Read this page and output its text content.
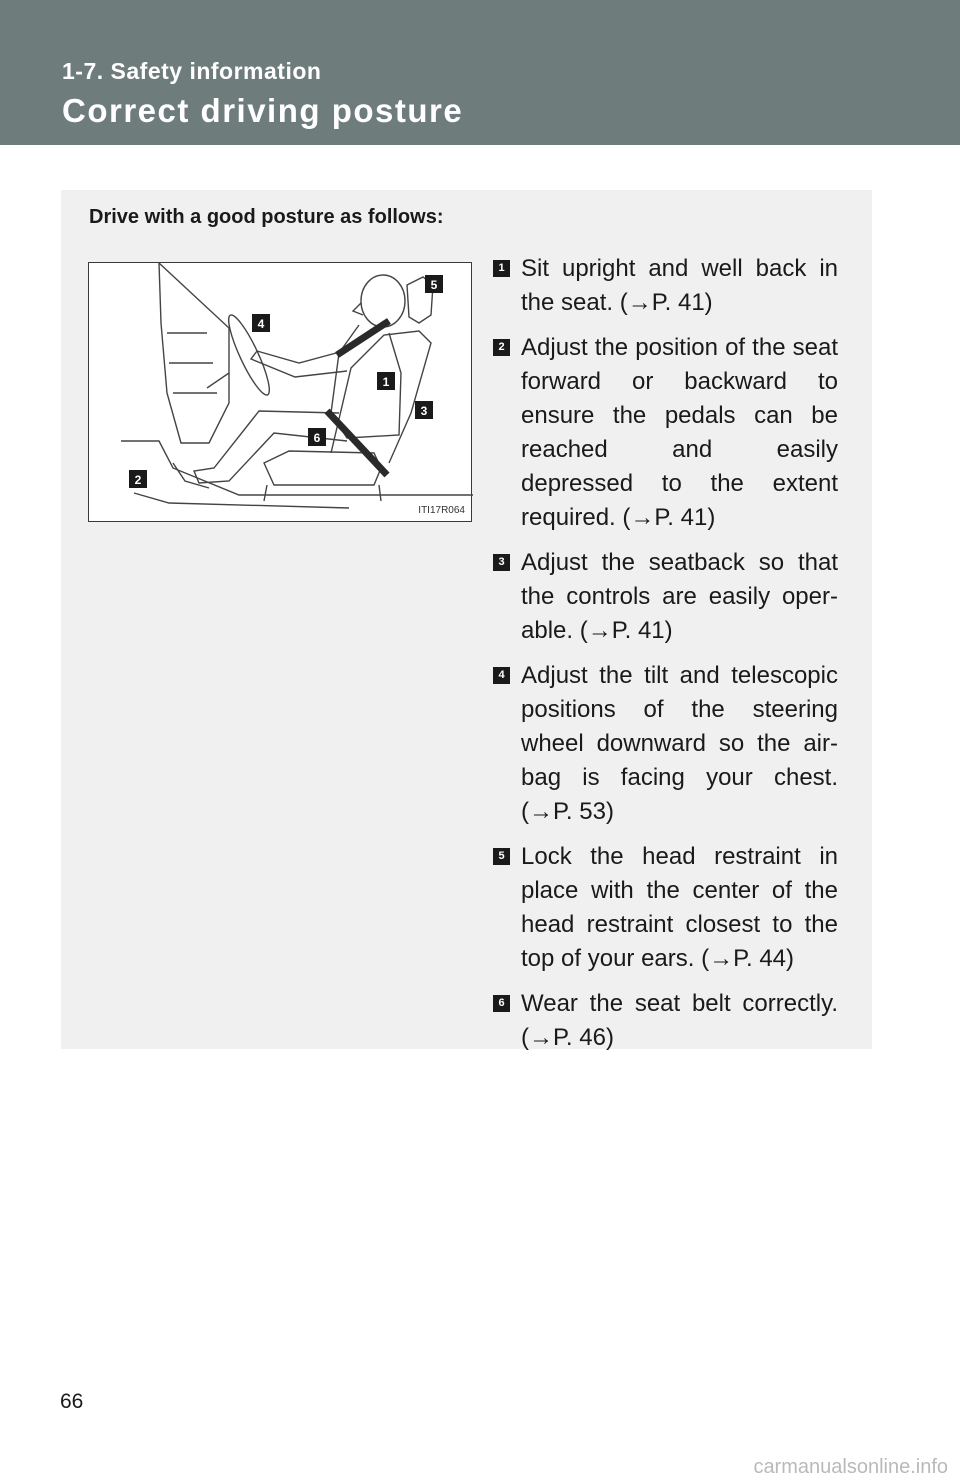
1-7. Safety information
Correct driving posture
Drive with a good posture as follows:
1
2
3
4
5
6
ITI17R064
1 Sit upright and well back in the seat. (→P. 41)
2 Adjust the position of the seat forward or backward to ensure the pedals can be reached and easily depressed to the extent required. (→P. 41)
3 Adjust the seatback so that the controls are easily oper-able. (→P. 41)
4 Adjust the tilt and telescopic positions of the steering wheel downward so the air-bag is facing your chest. (→P. 53)
5 Lock the head restraint in place with the center of the head restraint closest to the top of your ears. (→P. 44)
6 Wear the seat belt correctly. (→P. 46)
66
carmanualsonline.info
